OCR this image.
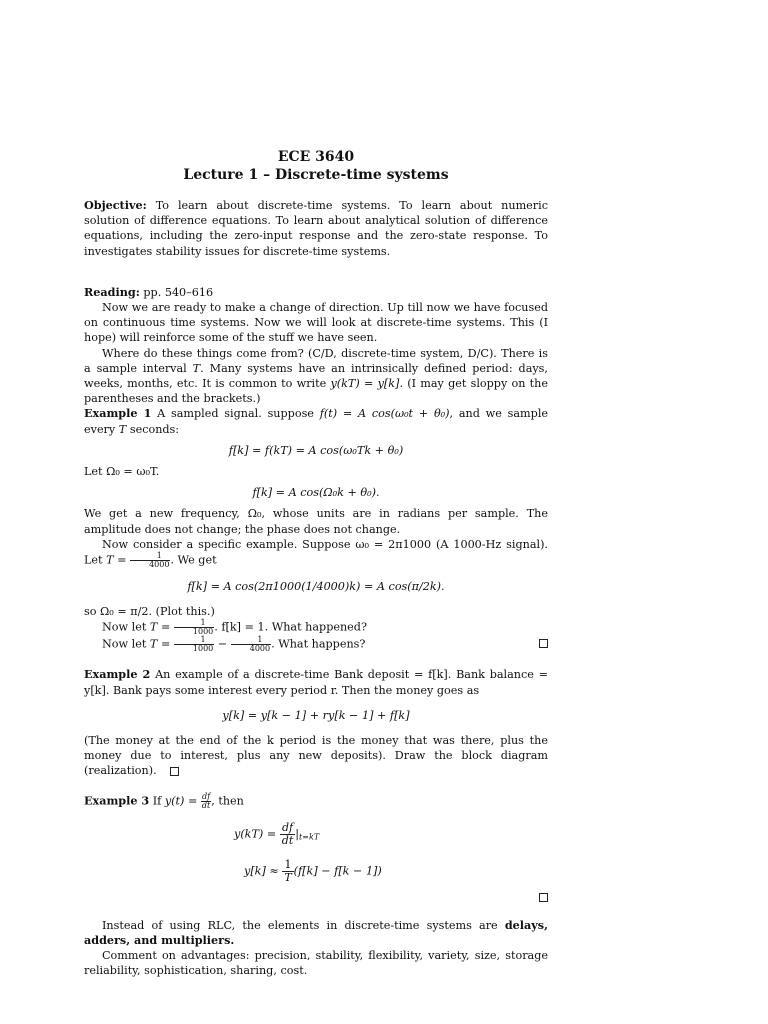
ECE 3640
Lecture 1 – Discrete-time systems

Objective: To learn about discrete-time systems. To learn about numeric solution of difference equations. To learn about analytical solution of difference equations, including the zero-input response and the zero-state response. To investigates stability issues for discrete-time systems.

Reading: pp. 540–616

Now we are ready to make a change of direction. Up till now we have focused on continuous time systems. Now we will look at discrete-time systems. This (I hope) will reinforce some of the stuff we have seen.

Where do these things come from? (C/D, discrete-time system, D/C). There is a sample interval T. Many systems have an intrinsically defined period: days, weeks, months, etc. It is common to write y(kT) = y[k]. (I may get sloppy on the parentheses and the brackets.)

Example 1 A sampled signal. suppose f(t) = A cos(ω₀t + θ₀), and we sample every T seconds:

f[k] = f(kT) = A cos(ω₀Tk + θ₀)

Let Ω₀ = ω₀T.

f[k] = A cos(Ω₀k + θ₀).

We get a new frequency, Ω₀, whose units are in radians per sample. The amplitude does not change; the phase does not change.

Now consider a specific example. Suppose ω₀ = 2π1000 (A 1000-Hz signal). Let $T = \frac{1}{4000}$ . We get

f[k] = A cos(2π1000(1/4000)k) = A cos(π/2k).

so Ω₀ = π/2. (Plot this.)

Now let $T = \frac{1}{1000}$ . f[k] = 1. What happened?

Now let $T = \frac{1}{1000} - \frac{1}{4000}$ . What happens?

Example 2 An example of a discrete-time Bank deposit = f[k]. Bank balance = y[k]. Bank pays some interest every period r. Then the money goes as

y[k] = y[k − 1] + ry[k − 1] + f[k]

(The money at the end of the k period is the money that was there, plus the money due to interest, plus any new deposits). Draw the block diagram (realization).

Example 3 If $y(t) = \frac{df}{dt}$ , then

$y(kT) = \frac{df}{dt} |_{t=kT}$
$y[k] \approx \frac{1}{T} (f[k] - f[k - 1])$

Instead of using RLC, the elements in discrete-time systems are delays, adders, and multipliers.

Comment on advantages: precision, stability, flexibility, variety, size, storage reliability, sophistication, sharing, cost.
